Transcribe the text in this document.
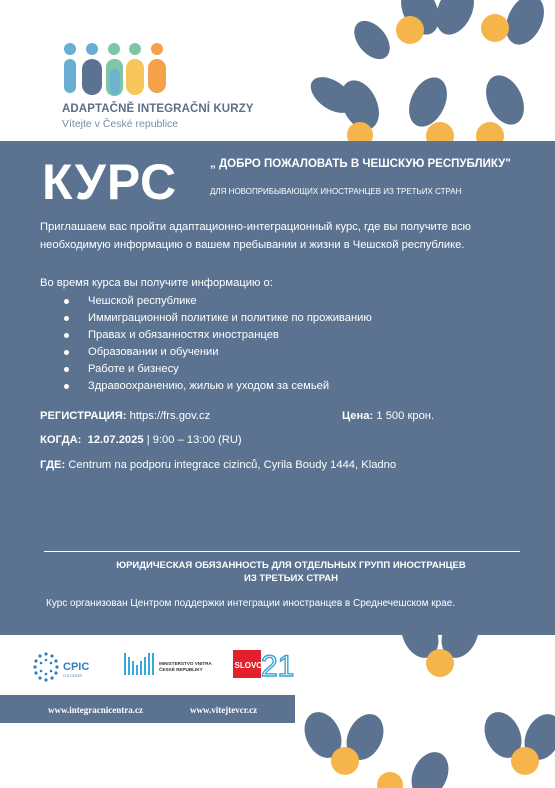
ADAPTAČNĚ INTEGRAČNÍ KURZY
Vítejte v České republice
КУРС	„ ДОБРО ПОЖАЛОВАТЬ В ЧЕШСКУЮ РЕСПУБЛИКУ"
ДЛЯ НОВОПРИБЫВАЮЩИХ ИНОСТРАНЦЕВ ИЗ ТРЕТЬИХ СТРАН
Приглашаем вас пройти адаптационно-интеграционный курс, где вы получите всю необходимую информацию о вашем пребывании и жизни в Чешской республике.
Во время курса вы получите информацию о:
Чешской республике
Иммиграционной политике и политике по проживанию
Правах и обязанностях иностранцев
Образовании и обучении
Работе и бизнесу
Здравоохранению, жилью и уходом за семьей
РЕГИСТРАЦИЯ: https://frs.gov.cz	Цена: 1 500 крон.
КОГДА: 12.07.2025 | 9:00 – 13:00 (RU)
ГДЕ: Centrum na podporu integrace cizinců, Cyrila Boudy 1444, Kladno
ЮРИДИЧЕСКАЯ ОБЯЗАННОСТЬ ДЛЯ ОТДЕЛЬНЫХ ГРУПП ИНОСТРАНЦЕВ
ИЗ ТРЕТЬИХ СТРАН
Курс организован Центром поддержки интеграции иностранцев в Среднечешском крае.
CPIC
O.S.CENTR
MINISTERSTVO VNITRA
ČESKÉ REPUBLIKY	SLOVO
21
www.integracnicentra.cz	www.vitejtevcr.cz
